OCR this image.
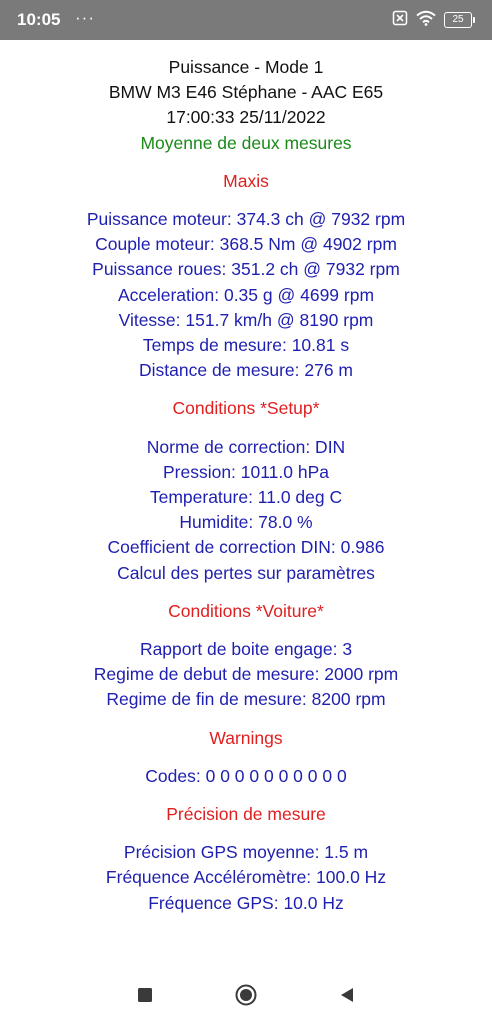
10:05 ···	25
Puissance - Mode 1
BMW M3 E46 Stéphane - AAC E65
17:00:33 25/11/2022
Moyenne de deux mesures
Maxis
Puissance moteur: 374.3 ch @ 7932 rpm
Couple moteur: 368.5 Nm @ 4902 rpm
Puissance roues: 351.2 ch @ 7932 rpm
Acceleration: 0.35 g @ 4699 rpm
Vitesse: 151.7 km/h @ 8190 rpm
Temps de mesure: 10.81 s
Distance de mesure: 276 m
Conditions *Setup*
Norme de correction: DIN
Pression: 1011.0 hPa
Temperature: 11.0 deg C
Humidite: 78.0 %
Coefficient de correction DIN: 0.986
Calcul des pertes sur paramètres
Conditions *Voiture*
Rapport de boite engage: 3
Regime de debut de mesure: 2000 rpm
Regime de fin de mesure: 8200 rpm
Warnings
Codes: 0 0 0 0 0 0 0 0 0 0
Précision de mesure
Précision GPS moyenne: 1.5 m
Fréquence Accéléromètre: 100.0 Hz
Fréquence GPS: 10.0 Hz
